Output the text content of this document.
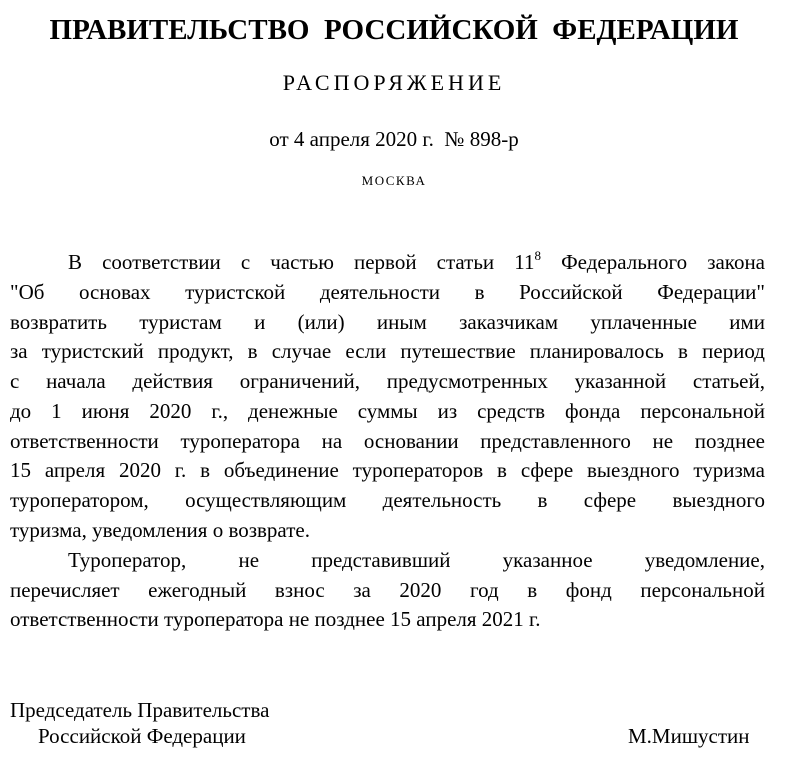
ПРАВИТЕЛЬСТВО  РОССИЙСКОЙ  ФЕДЕРАЦИИ
РАСПОРЯЖЕНИЕ
от 4 апреля 2020 г.  № 898-р
МОСКВА
В соответствии с частью первой статьи $11^8$ Федерального закона
Председатель Правительства
Российской Федерации	М.Мишустин
"Об основах туристской деятельности в Российской Федерации"
возвратить туристам и (или) иным заказчикам уплаченные ими
за туристский продукт, в случае если путешествие планировалось в период
с начала действия ограничений, предусмотренных указанной статьей,
до 1 июня 2020 г., денежные суммы из средств фонда персональной
ответственности туроператора на основании представленного не позднее
15 апреля 2020 г. в объединение туроператоров в сфере выездного туризма
туроператором, осуществляющим деятельность в сфере выездного
туризма, уведомления о возврате.
Туроператор, не представивший указанное уведомление,
перечисляет ежегодный взнос за 2020 год в фонд персональной
ответственности туроператора не позднее 15 апреля 2021 г.
